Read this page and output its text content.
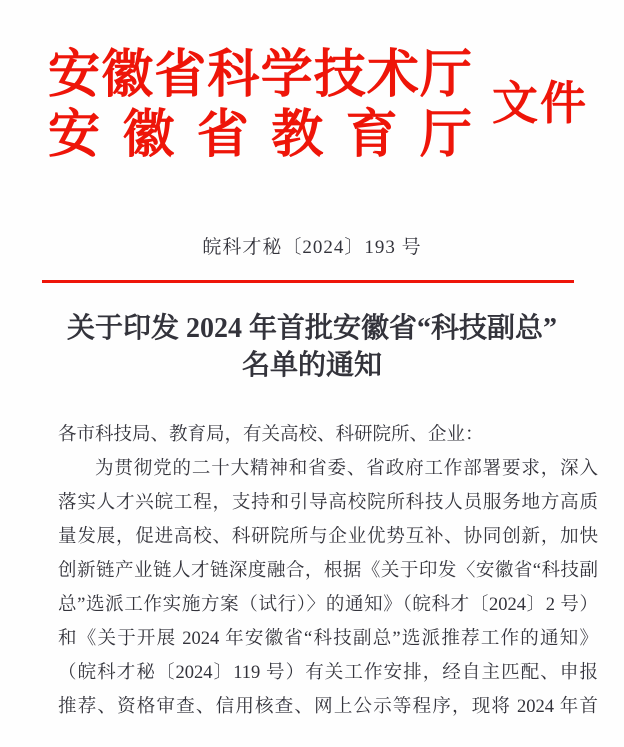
安徽省科学技术厅
安徽省教育厅
文件
皖科才秘〔2024〕193 号
关于印发 2024 年首批安徽省“科技副总”
名单的通知
各市科技局、教育局，有关高校、科研院所、企业：
为贯彻党的二十大精神和省委、省政府工作部署要求，深入
落实人才兴皖工程，支持和引导高校院所科技人员服务地方高质
量发展，促进高校、科研院所与企业优势互补、协同创新，加快
创新链产业链人才链深度融合，根据《关于印发〈安徽省“科技副
总”选派工作实施方案（试行）〉的通知》（皖科才〔2024〕2 号）
和《关于开展 2024 年安徽省“科技副总”选派推荐工作的通知》
（皖科才秘〔2024〕119 号）有关工作安排，经自主匹配、申报
推荐、资格审查、信用核查、网上公示等程序，现将 2024 年首
